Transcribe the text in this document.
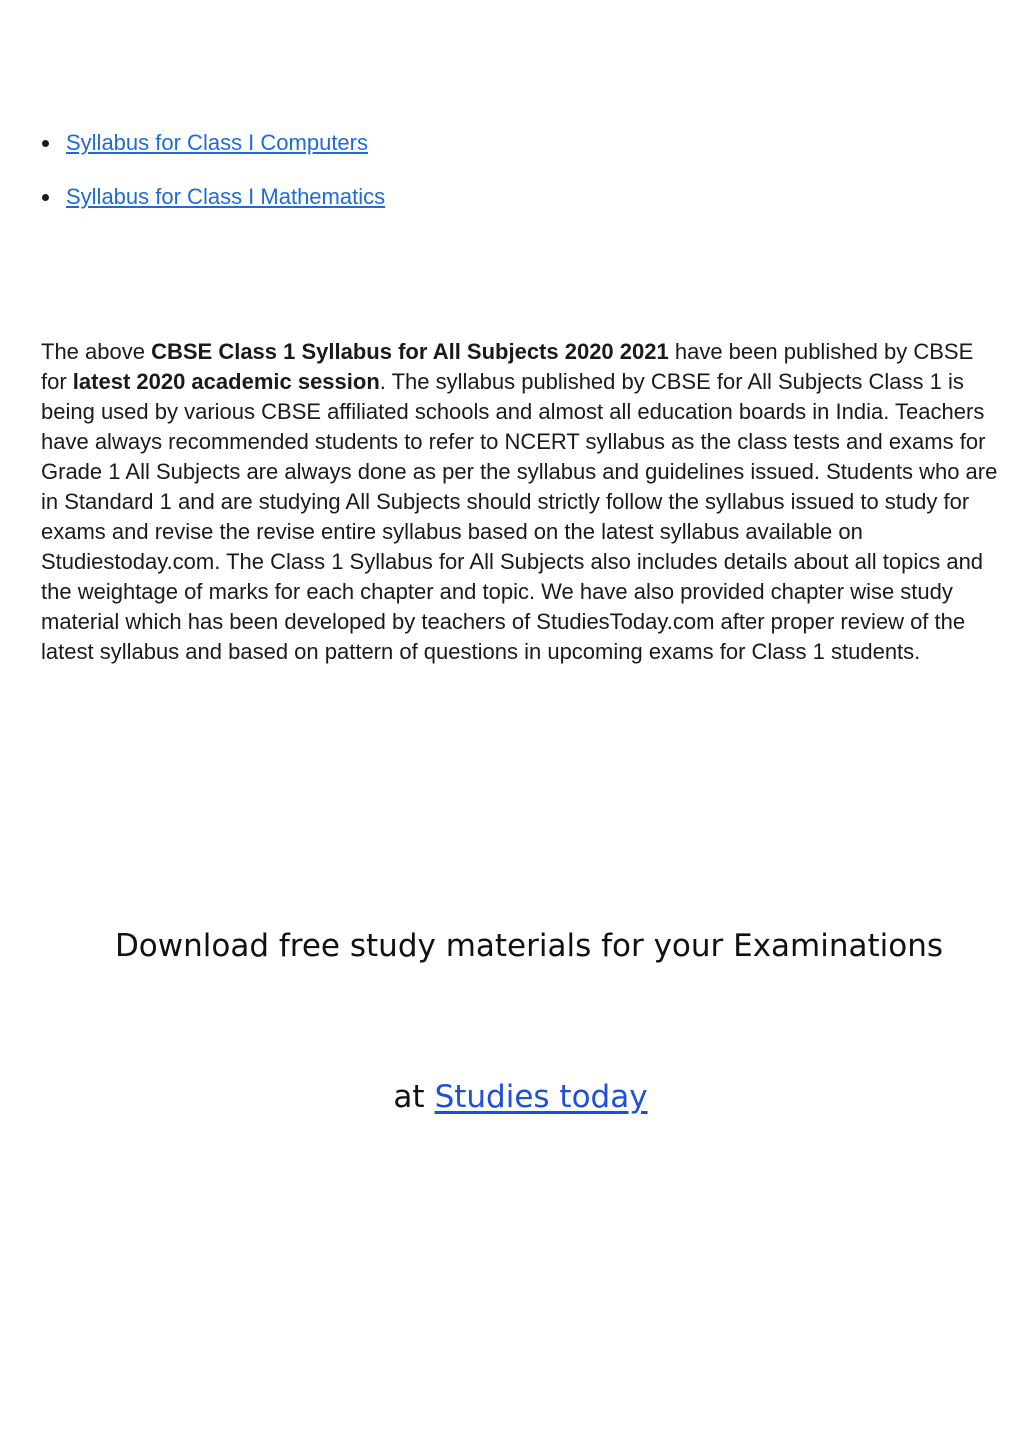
Syllabus for Class I Computers
Syllabus for Class I Mathematics

The above CBSE Class 1 Syllabus for All Subjects 2020 2021 have been published by CBSE for latest 2020 academic session. The syllabus published by CBSE for All Subjects Class 1 is being used by various CBSE affiliated schools and almost all education boards in India. Teachers have always recommended students to refer to NCERT syllabus as the class tests and exams for Grade 1 All Subjects are always done as per the syllabus and guidelines issued. Students who are in Standard 1 and are studying All Subjects should strictly follow the syllabus issued to study for exams and revise the revise entire syllabus based on the latest syllabus available on Studiestoday.com. The Class 1 Syllabus for All Subjects also includes details about all topics and the weightage of marks for each chapter and topic. We have also provided chapter wise study material which has been developed by teachers of StudiesToday.com after proper review of the latest syllabus and based on pattern of questions in upcoming exams for Class 1 students.

Download free study materials for your Examinations
at Studies today
